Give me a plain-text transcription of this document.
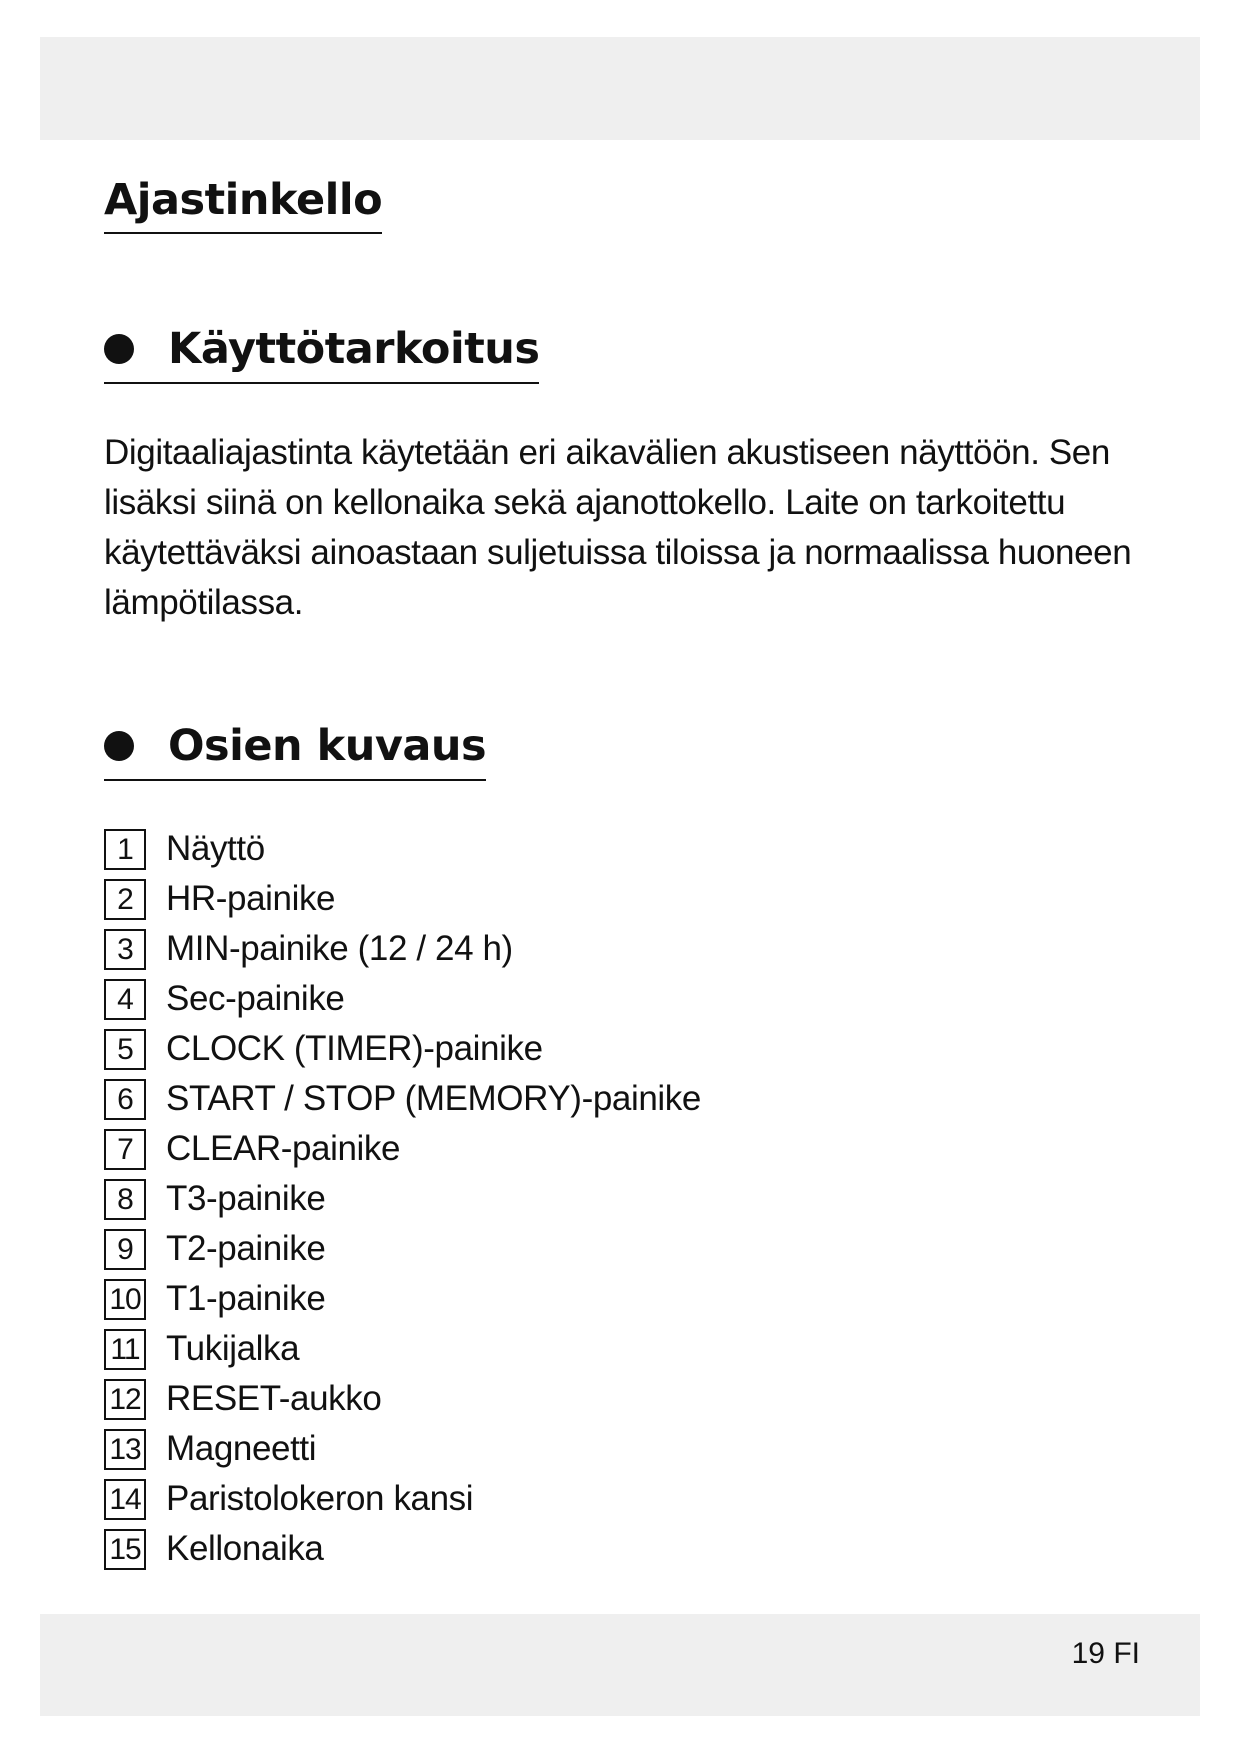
Ajastinkello
Käyttötarkoitus

Digitaaliajastinta käytetään eri aikavälien akustiseen näyttöön. Sen lisäksi siinä on kellonaika sekä ajanottokello. Laite on tarkoitettu käytettäväksi ainoastaan suljetuissa tiloissa ja normaalissa huoneen lämpötilassa.

Osien kuvaus
1 Näyttö
2 HR-painike
3 MIN-painike (12 / 24 h)
4 Sec-painike
5 CLOCK (TIMER)-painike
6 START / STOP (MEMORY)-painike
7 CLEAR-painike
8 T3-painike
9 T2-painike
10 T1-painike
11 Tukijalka
12 RESET-aukko
13 Magneetti
14 Paristolokeron kansi
15 Kellonaika
19 FI
